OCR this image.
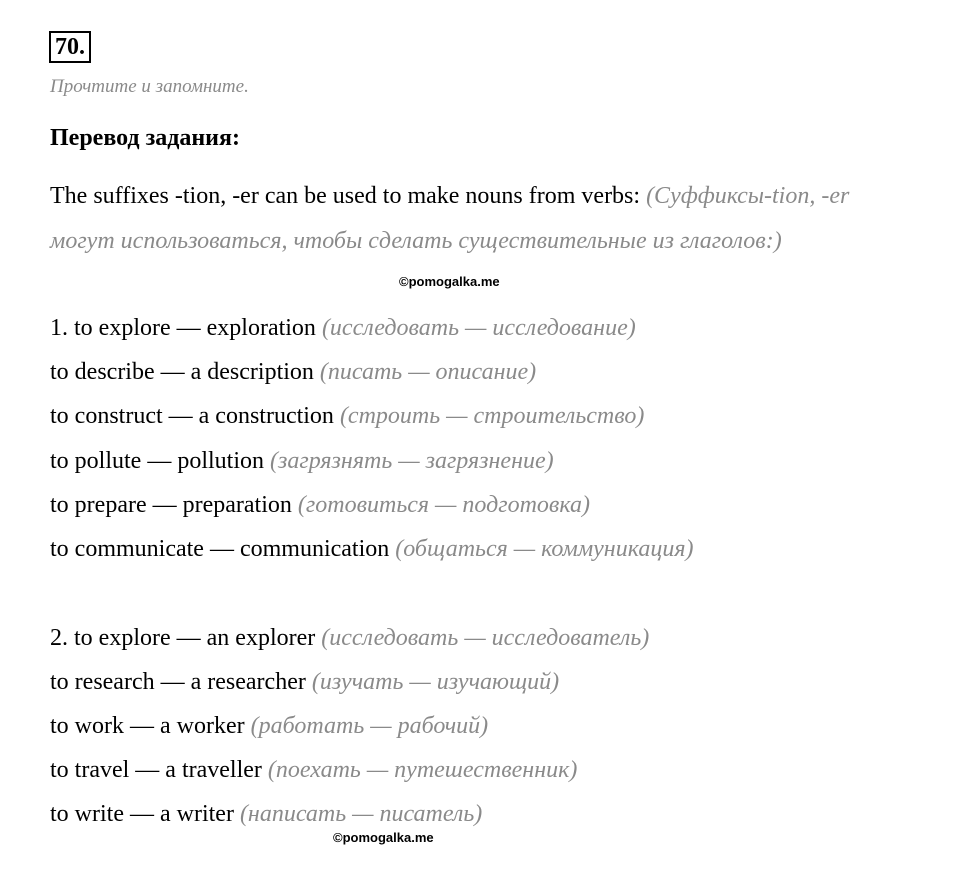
70.
Прочтите и запомните.
Перевод задания:
The suffixes -tion, -er can be used to make nouns from verbs: (Суффиксы-tion, -er могут использоваться, чтобы сделать существительные из глаголов:)
©pomogalka.me
1. to explore — exploration (исследовать — исследование)
to describe — a description (писать — описание)
to construct — a construction (строить — строительство)
to pollute — pollution (загрязнять — загрязнение)
to prepare — preparation (готовиться — подготовка)
to communicate — communication (общаться — коммуникация)
2. to explore — an explorer (исследовать — исследователь)
to research — a researcher (изучать — изучающий)
to work — a worker (работать — рабочий)
to travel — a traveller (поехать — путешественник)
to write — a writer (написать — писатель)
©pomogalka.me
